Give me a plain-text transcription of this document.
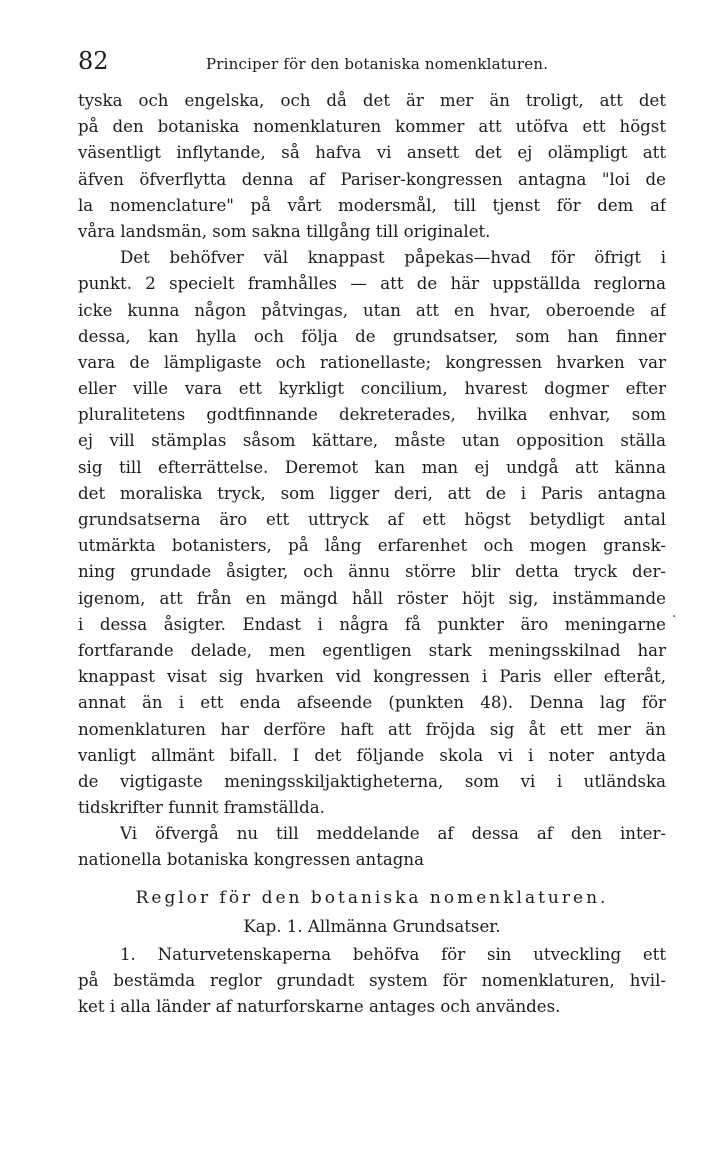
82	Principer för den botaniska nomenklaturen.
·
tyska och engelska, och då det är mer än troligt, att det
på den botaniska nomenklaturen kommer att utöfva ett högst
väsentligt inflytande, så hafva vi ansett det ej olämpligt att
äfven öfverflytta denna af Pariser-kongressen antagna "loi de
la nomenclature" på vårt modersmål, till tjenst för dem af
våra landsmän, som sakna tillgång till originalet.
Det behöfver väl knappast påpekas—hvad för öfrigt i
punkt. 2 specielt framhålles — att de här uppställda reglorna
icke kunna någon påtvingas, utan att en hvar, oberoende af
dessa, kan hylla och följa de grundsatser, som han finner
vara de lämpligaste och rationellaste; kongressen hvarken var
eller ville vara ett kyrkligt concilium, hvarest dogmer efter
pluralitetens godtfinnande dekreterades, hvilka enhvar, som
ej vill stämplas såsom kättare, måste utan opposition ställa
sig till efterrättelse. Deremot kan man ej undgå att känna
det moraliska tryck, som ligger deri, att de i Paris antagna
grundsatserna äro ett uttryck af ett högst betydligt antal
utmärkta botanisters, på lång erfarenhet och mogen gransk-
ning grundade åsigter, och ännu större blir detta tryck der-
igenom, att från en mängd håll röster höjt sig, instämmande
i dessa åsigter. Endast i några få punkter äro meningarne
fortfarande delade, men egentligen stark meningsskilnad har
knappast visat sig hvarken vid kongressen i Paris eller efteråt,
annat än i ett enda afseende (punkten 48). Denna lag för
nomenklaturen har derföre haft att fröjda sig åt ett mer än
vanligt allmänt bifall. I det följande skola vi i noter antyda
de vigtigaste meningsskiljaktigheterna, som vi i utländska
tidskrifter funnit framställda.
Vi öfvergå nu till meddelande af dessa af den inter-
nationella botaniska kongressen antagna
Reglor för den botaniska nomenklaturen.
Kap. 1. Allmänna Grundsatser.
1. Naturvetenskaperna behöfva för sin utveckling ett
på bestämda reglor grundadt system för nomenklaturen, hvil-
ket i alla länder af naturforskarne antages och användes.
